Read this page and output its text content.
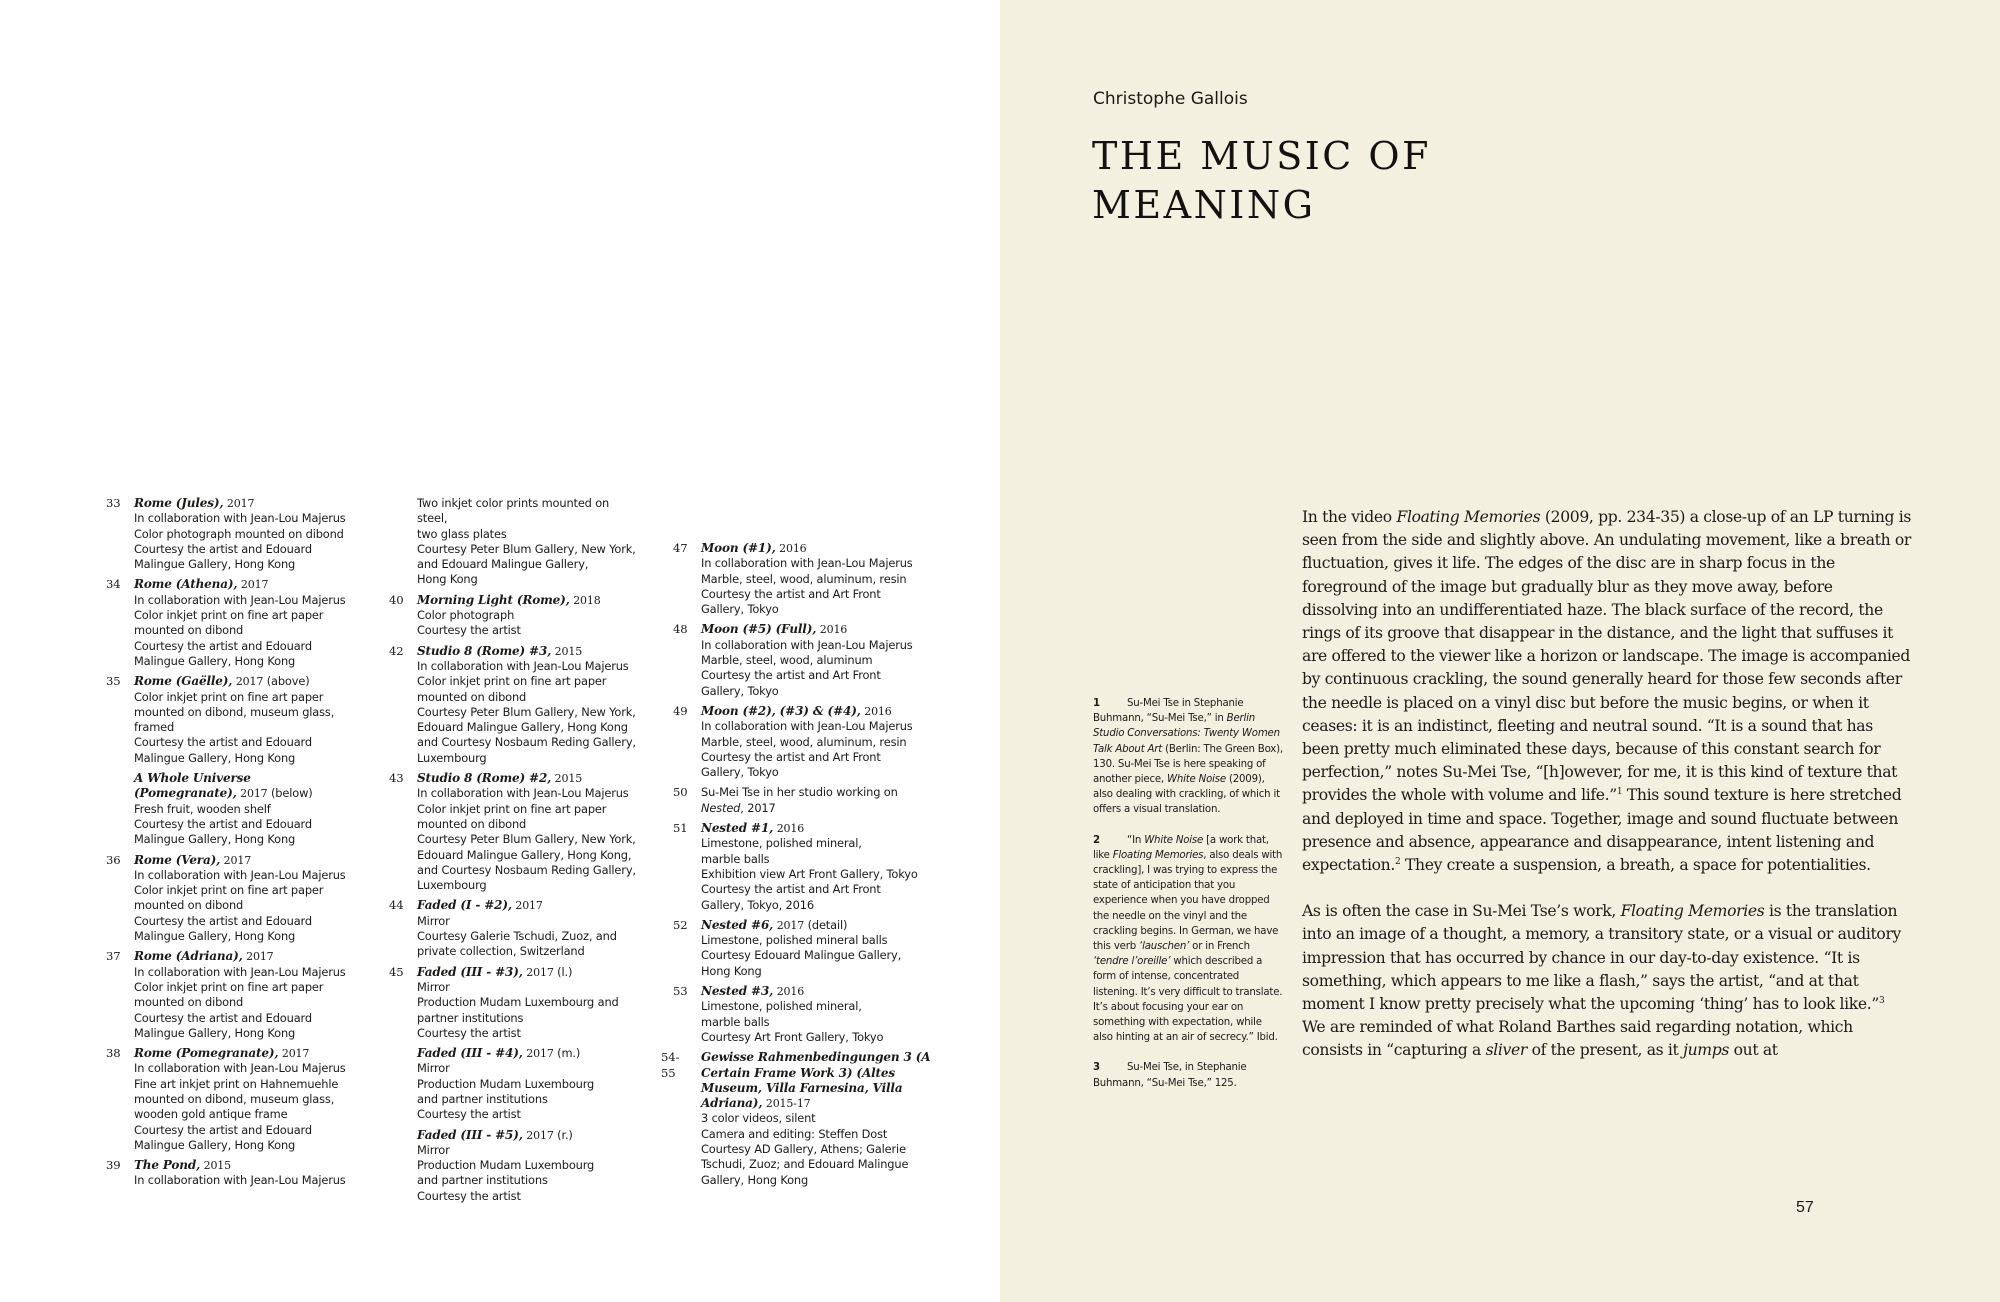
33	Rome (Jules), 2017
In collaboration with Jean-Lou Majerus
Color photograph mounted on dibond
Courtesy the artist and Edouard
Malingue Gallery, Hong Kong
34	Rome (Athena), 2017
In collaboration with Jean-Lou Majerus
Color inkjet print on fine art paper
mounted on dibond
Courtesy the artist and Edouard
Malingue Gallery, Hong Kong
35	Rome (Gaëlle), 2017 (above)
Color inkjet print on fine art paper
mounted on dibond, museum glass,
framed
Courtesy the artist and Edouard
Malingue Gallery, Hong Kong
A Whole Universe (Pomegranate), 2017 (below)
Fresh fruit, wooden shelf
Courtesy the artist and Edouard
Malingue Gallery, Hong Kong
36	Rome (Vera), 2017
In collaboration with Jean-Lou Majerus
Color inkjet print on fine art paper
mounted on dibond
Courtesy the artist and Edouard
Malingue Gallery, Hong Kong
37	Rome (Adriana), 2017
In collaboration with Jean-Lou Majerus
Color inkjet print on fine art paper
mounted on dibond
Courtesy the artist and Edouard
Malingue Gallery, Hong Kong
38	Rome (Pomegranate), 2017
In collaboration with Jean-Lou Majerus
Fine art inkjet print on Hahnemuehle
mounted on dibond, museum glass,
wooden gold antique frame
Courtesy the artist and Edouard
Malingue Gallery, Hong Kong
39	The Pond, 2015
In collaboration with Jean-Lou Majerus
Two inkjet color prints mounted on steel,
two glass plates
Courtesy Peter Blum Gallery, New York,
and Edouard Malingue Gallery,
Hong Kong
40	Morning Light (Rome), 2018
Color photograph
Courtesy the artist
42	Studio 8 (Rome) #3, 2015
In collaboration with Jean-Lou Majerus
Color inkjet print on fine art paper
mounted on dibond
Courtesy Peter Blum Gallery, New York,
Edouard Malingue Gallery, Hong Kong
and Courtesy Nosbaum Reding Gallery,
Luxembourg
43	Studio 8 (Rome) #2, 2015
In collaboration with Jean-Lou Majerus
Color inkjet print on fine art paper
mounted on dibond
Courtesy Peter Blum Gallery, New York,
Edouard Malingue Gallery, Hong Kong,
and Courtesy Nosbaum Reding Gallery,
Luxembourg
44	Faded (I - #2), 2017
Mirror
Courtesy Galerie Tschudi, Zuoz, and
private collection, Switzerland
45	Faded (III - #3), 2017 (l.)
Mirror
Production Mudam Luxembourg and
partner institutions
Courtesy the artist
Faded (III - #4), 2017 (m.)
Mirror
Production Mudam Luxembourg
and partner institutions
Courtesy the artist
Faded (III - #5), 2017 (r.)
Mirror
Production Mudam Luxembourg
and partner institutions
Courtesy the artist
47	Moon (#1), 2016
In collaboration with Jean-Lou Majerus
Marble, steel, wood, aluminum, resin
Courtesy the artist and Art Front
Gallery, Tokyo
48	Moon (#5) (Full), 2016
In collaboration with Jean-Lou Majerus
Marble, steel, wood, aluminum
Courtesy the artist and Art Front
Gallery, Tokyo
49	Moon (#2), (#3) & (#4), 2016
In collaboration with Jean-Lou Majerus
Marble, steel, wood, aluminum, resin
Courtesy the artist and Art Front
Gallery, Tokyo
50	Su-Mei Tse in her studio working on
Nested, 2017
51	Nested #1, 2016
Limestone, polished mineral,
marble balls
Exhibition view Art Front Gallery, Tokyo
Courtesy the artist and Art Front
Gallery, Tokyo, 2016
52	Nested #6, 2017 (detail)
Limestone, polished mineral balls
Courtesy Edouard Malingue Gallery,
Hong Kong
53	Nested #3, 2016
Limestone, polished mineral,
marble balls
Courtesy Art Front Gallery, Tokyo
54-55
Gewisse Rahmenbedingungen 3 (A Certain Frame Work 3) (Altes Museum, Villa Farnesina, Villa Adriana), 2015-17
3 color videos, silent
Camera and editing: Steffen Dost
Courtesy AD Gallery, Athens; Galerie
Tschudi, Zuoz; and Edouard Malingue
Gallery, Hong Kong
Christophe Gallois
THE MUSIC OF
MEANING
1	Su-Mei Tse in Stephanie Buhmann, “Su-Mei Tse,” in Berlin Studio Conversations: Twenty Women Talk About Art (Berlin: The Green Box), 130. Su-Mei Tse is here speaking of another piece, White Noise (2009), also dealing with crackling, of which it offers a visual translation.
2	“In White Noise [a work that, like Floating Memories, also deals with crackling], I was trying to express the state of anticipation that you experience when you have dropped the needle on the vinyl and the crackling begins. In German, we have this verb ‘lauschen’ or in French ‘tendre l’oreille’ which described a form of intense, concentrated listening. It’s very difficult to translate. It’s about focusing your ear on something with expectation, while also hinting at an air of secrecy.” Ibid.
3	Su-Mei Tse, in Stephanie Buhmann, “Su-Mei Tse,” 125.

In the video Floating Memories (2009, pp. 234-35) a close-up of an LP turning is seen from the side and slightly above. An undulating movement, like a breath or fluctuation, gives it life. The edges of the disc are in sharp focus in the foreground of the image but gradually blur as they move away, before dissolving into an undifferentiated haze. The black surface of the record, the rings of its groove that disappear in the distance, and the light that suffuses it are offered to the viewer like a horizon or landscape. The image is accompanied by continuous crackling, the sound generally heard for those few seconds after the needle is placed on a vinyl disc but before the music begins, or when it ceases: it is an indistinct, fleeting and neutral sound. “It is a sound that has been pretty much eliminated these days, because of this constant search for perfection,” notes Su-Mei Tse, “[h]owever, for me, it is this kind of texture that provides the whole with volume and life.”$^1$ This sound texture is here stretched and deployed in time and space. Together, image and sound fluctuate between presence and absence, appearance and disappearance, intent listening and expectation.$^2$ They create a suspension, a breath, a space for potentialities.

As is often the case in Su-Mei Tse’s work, Floating Memories is the translation into an image of a thought, a memory, a transitory state, or a visual or auditory impression that has occurred by chance in our day-to-day existence. “It is something, which appears to me like a flash,” says the artist, “and at that moment I know pretty precisely what the upcoming ‘thing’ has to look like.”$^3$ We are reminded of what Roland Barthes said regarding notation, which consists in “capturing a sliver of the present, as it jumps out at

57
